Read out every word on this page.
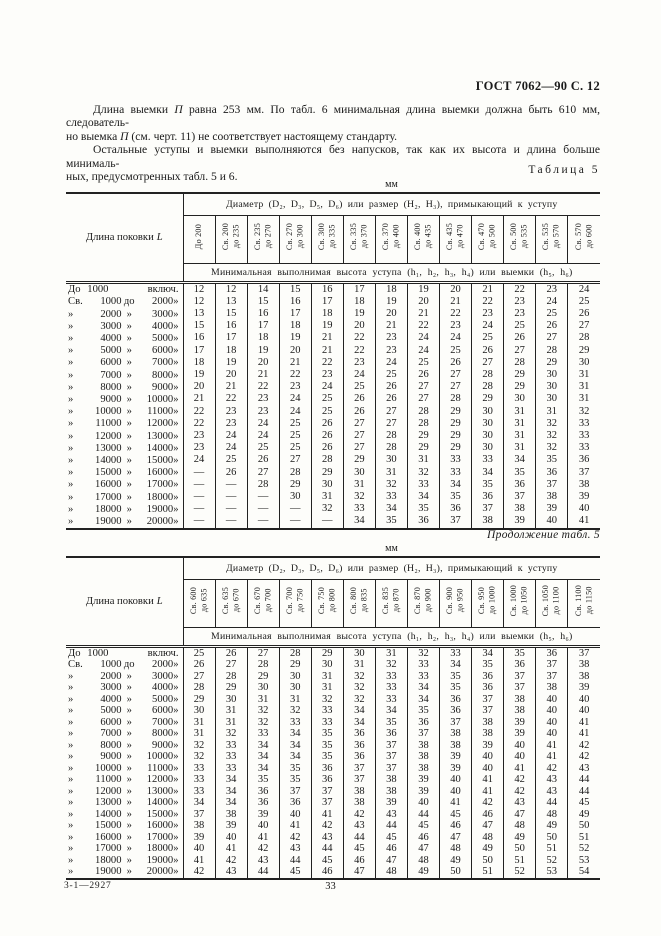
ГОСТ 7062—90 С. 12
Длина выемки П равна 253 мм. По табл. 6 минимальная длина выемки должна быть 610 мм, следователь-
но выемка П (см. черт. 11) не соответствует настоящему стандарту.
Остальные уступы и выемки выполняются без напусков, так как их высота и длина больше минималь-
ных, предусмотренных табл. 5 и 6.
Таблица 5
мм
Длина поковки L	Диаметр (D₂, D₃, D₅, D₆) или размер (H₂, H₃), примыкающий к уступу												
	До 200	Св. 200 до 235	Св. 235 до 270	Св. 270 до 300	Св. 300 до 335	Св. 335 до 370	Св. 370 до 400	Св. 400 до 435	Св. 435 до 470	Св. 470 до 500	Св. 500 до 535	Св. 535 до 570	Св. 570 до 600
	Минимальная выполнимая высота уступа (h₁, h₂, h₃, h₄) или выемки (h₅, h₆)												

До 1000 включ.	12	12	14	15	16	17	18	19	20	21	22	23	24

Св. 1000 до 2000 »	12	13	15	16	17	18	19	20	21	22	23	24	25

» 2000 » 3000 »	13	15	16	17	18	19	20	21	22	23	23	25	26

» 3000 » 4000 »	15	16	17	18	19	20	21	22	23	24	25	26	27

» 4000 » 5000 »	16	17	18	19	21	22	23	24	24	25	26	27	28

» 5000 » 6000 »	17	18	19	20	21	22	23	24	25	26	27	28	29

» 6000 » 7000 »	18	19	20	21	22	23	24	25	26	27	28	29	30

» 7000 » 8000 »	19	20	21	22	23	24	25	26	27	28	29	30	31

» 8000 » 9000 »	20	21	22	23	24	25	26	27	27	28	29	30	31

» 9000 » 10000 »	21	22	23	24	25	26	26	27	28	29	30	30	31

» 10000 » 11000 »	22	23	23	24	25	26	27	28	29	30	31	31	32

» 11000 » 12000 »	22	23	24	25	26	27	27	28	29	30	31	32	33

» 12000 » 13000 »	23	24	24	25	26	27	28	29	29	30	31	32	33

» 13000 » 14000 »	23	24	25	25	26	27	28	29	29	30	31	32	33

» 14000 » 15000 »	24	25	26	27	28	29	30	31	33	33	34	35	36

» 15000 » 16000 »	—	26	27	28	29	30	31	32	33	34	35	36	37

» 16000 » 17000 »	—	—	28	29	30	31	32	33	34	35	36	37	38

» 17000 » 18000 »	—	—	—	30	31	32	33	34	35	36	37	38	39

» 18000 » 19000 »	—	—	—	—	32	33	34	35	36	37	38	39	40

» 19000 » 20000 »	—	—	—	—	—	34	35	36	37	38	39	40	41
Продолжение табл. 5
мм
Длина поковки L	Диаметр (D₂, D₃, D₅, D₆) или размер (H₂, H₃), примыкающий к уступу												
	Св. 600 до 635	Св. 635 до 670	Св. 670 до 700	Св. 700 до 750	Св. 750 до 800	Св. 800 до 835	Св. 835 до 870	Св. 870 до 900	Св. 900 до 950	Св. 950 до 1000	Св. 1000 до 1050	Св. 1050 до 1100	Св. 1100 до 1150
	Минимальная выполнимая высота уступа (h₁, h₂, h₃, h₄) или выемки (h₅, h₆)												

До 1000 включ.	25	26	27	28	29	30	31	32	33	34	35	36	37

Св. 1000 до 2000 »	26	27	28	29	30	31	32	33	34	35	36	37	38

» 2000 » 3000 »	27	28	29	30	31	32	33	33	35	36	37	37	38

» 3000 » 4000 »	28	29	30	30	31	32	33	34	35	36	37	38	39

» 4000 » 5000 »	29	30	31	31	32	32	33	34	36	37	38	40	40

» 5000 » 6000 »	30	31	32	32	33	34	34	35	36	37	38	40	40

» 6000 » 7000 »	31	31	32	33	33	34	35	36	37	38	39	40	41

» 7000 » 8000 »	31	32	33	34	35	36	36	37	38	38	39	40	41

» 8000 » 9000 »	32	33	34	34	35	36	37	38	38	39	40	41	42

» 9000 » 10000 »	32	33	34	34	35	36	37	38	39	40	40	41	42

» 10000 » 11000 »	33	33	34	35	36	37	37	38	39	40	41	42	43

» 11000 » 12000 »	33	34	35	35	36	37	38	39	40	41	42	43	44

» 12000 » 13000 »	33	34	36	37	37	38	38	39	40	41	42	43	44

» 13000 » 14000 »	34	34	36	36	37	38	39	40	41	42	43	44	45

» 14000 » 15000 »	37	38	39	40	41	42	43	44	45	46	47	48	49

» 15000 » 16000 »	38	39	40	41	42	43	44	45	46	47	48	49	50

» 16000 » 17000 »	39	40	41	42	43	44	45	46	47	48	49	50	51

» 17000 » 18000 »	40	41	42	43	44	45	46	47	48	49	50	51	52

» 18000 » 19000 »	41	42	43	44	45	46	47	48	49	50	51	52	53

» 19000 » 20000 »	42	43	44	45	46	47	48	49	50	51	52	53	54
3-1—2927	33
